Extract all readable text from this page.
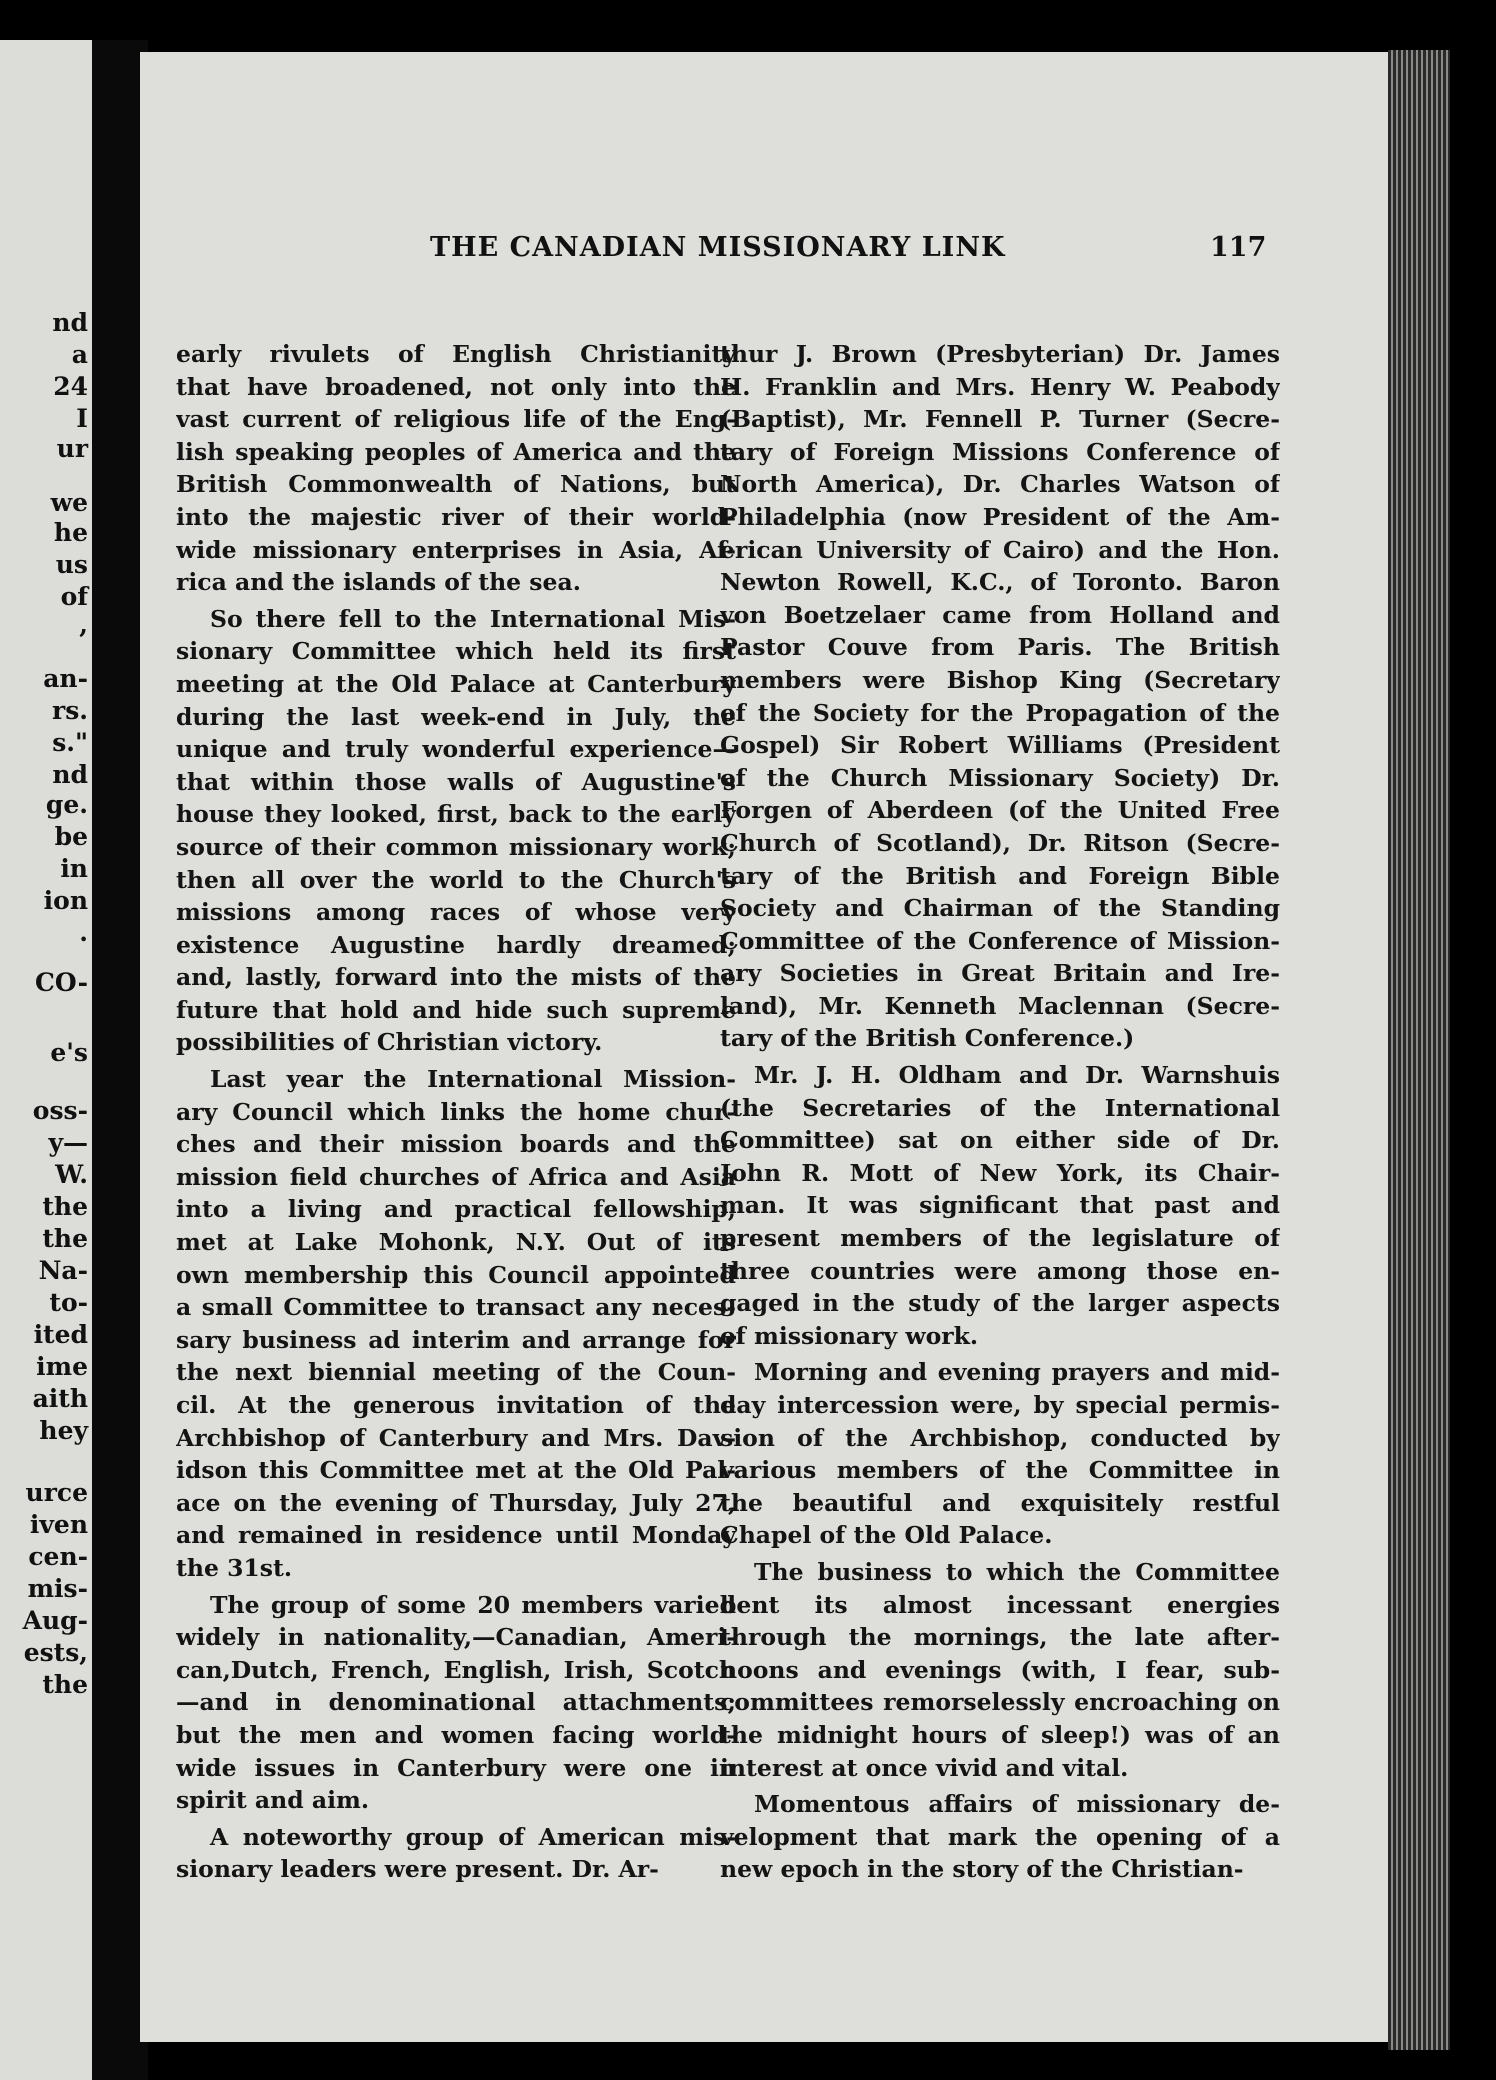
nd
a
24
I
ur
we
he
us
of
,
an-
rs.
s."
nd
ge.
be
in
ion
.
CO-
e's
oss-
y—
W.
the
the
Na-
to-
ited
ime
aith
hey
urce
iven
cen-
mis-
Aug-
ests,
the
early rivulets of English Christianity
that have broadened, not only into the
vast current of religious life of the Eng-
lish speaking peoples of America and the
British Commonwealth of Nations, but
into the majestic river of their world-
wide missionary enterprises in Asia, Af-
rica and the islands of the sea.
So there fell to the International Mis-
sionary Committee which held its first
meeting at the Old Palace at Canterbury
during the last week-end in July, the
unique and truly wonderful experience—
that within those walls of Augustine's
house they looked, first, back to the early
source of their common missionary work;
then all over the world to the Church's
missions among races of whose very
existence Augustine hardly dreamed;
and, lastly, forward into the mists of the
future that hold and hide such supreme
possibilities of Christian victory.
Last year the International Mission-
ary Council which links the home chur-
ches and their mission boards and the
mission field churches of Africa and Asia
into a living and practical fellowship,
met at Lake Mohonk, N.Y. Out of its
own membership this Council appointed
a small Committee to transact any neces-
sary business ad interim and arrange for
the next biennial meeting of the Coun-
cil. At the generous invitation of the
Archbishop of Canterbury and Mrs. Dav-
idson this Committee met at the Old Pal-
ace on the evening of Thursday, July 27,
and remained in residence until Monday
the 31st.
The group of some 20 members varied
widely in nationality,—Canadian, Ameri-
can,Dutch, French, English, Irish, Scotch
—and in denominational attachments;
but the men and women facing world-
wide issues in Canterbury were one in
spirit and aim.
A noteworthy group of American mis-
sionary leaders were present. Dr. Ar-
thur J. Brown (Presbyterian) Dr. James
H. Franklin and Mrs. Henry W. Peabody
(Baptist), Mr. Fennell P. Turner (Secre-
tary of Foreign Missions Conference of
North America), Dr. Charles Watson of
Philadelphia (now President of the Am-
erican University of Cairo) and the Hon.
Newton Rowell, K.C., of Toronto. Baron
von Boetzelaer came from Holland and
Pastor Couve from Paris. The British
members were Bishop King (Secretary
of the Society for the Propagation of the
Gospel) Sir Robert Williams (President
of the Church Missionary Society) Dr.
Forgen of Aberdeen (of the United Free
Church of Scotland), Dr. Ritson (Secre-
tary of the British and Foreign Bible
Society and Chairman of the Standing
Committee of the Conference of Mission-
ary Societies in Great Britain and Ire-
land), Mr. Kenneth Maclennan (Secre-
tary of the British Conference.)
Mr. J. H. Oldham and Dr. Warnshuis
(the Secretaries of the International
Committee) sat on either side of Dr.
John R. Mott of New York, its Chair-
man. It was significant that past and
present members of the legislature of
three countries were among those en-
gaged in the study of the larger aspects
of missionary work.
Morning and evening prayers and mid-
day intercession were, by special permis-
sion of the Archbishop, conducted by
various members of the Committee in
the beautiful and exquisitely restful
Chapel of the Old Palace.
The business to which the Committee
bent its almost incessant energies
through the mornings, the late after-
noons and evenings (with, I fear, sub-
committees remorselessly encroaching on
the midnight hours of sleep!) was of an
interest at once vivid and vital.
Momentous affairs of missionary de-
velopment that mark the opening of a
new epoch in the story of the Christian-
THE CANADIAN MISSIONARY LINK	117
